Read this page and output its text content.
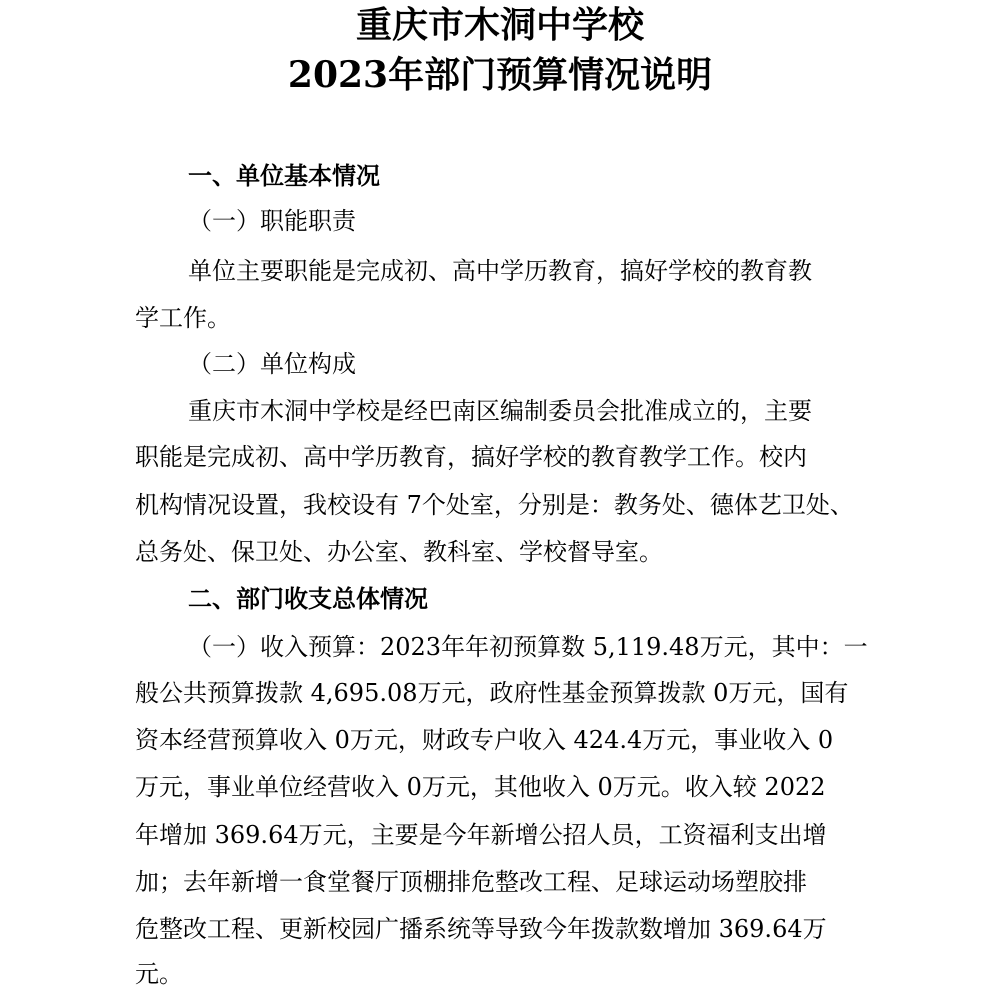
重庆市木洞中学校
2023年部门预算情况说明
一、单位基本情况
（一）职能职责
单位主要职能是完成初、高中学历教育，搞好学校的教育教
学工作。
（二）单位构成
重庆市木洞中学校是经巴南区编制委员会批准成立的，主要
职能是完成初、高中学历教育，搞好学校的教育教学工作。校内
机构情况设置，我校设有 7个处室，分别是：教务处、德体艺卫处、
总务处、保卫处、办公室、教科室、学校督导室。
二、部门收支总体情况
（一）收入预算：2023年年初预算数 5,119.48万元，其中：一
般公共预算拨款 4,695.08万元，政府性基金预算拨款 0万元，国有
资本经营预算收入 0万元，财政专户收入 424.4万元，事业收入 0
万元，事业单位经营收入 0万元，其他收入 0万元。收入较 2022
年增加 369.64万元，主要是今年新增公招人员，工资福利支出增
加；去年新增一食堂餐厅顶棚排危整改工程、足球运动场塑胶排
危整改工程、更新校园广播系统等导致今年拨款数增加 369.64万
元。
